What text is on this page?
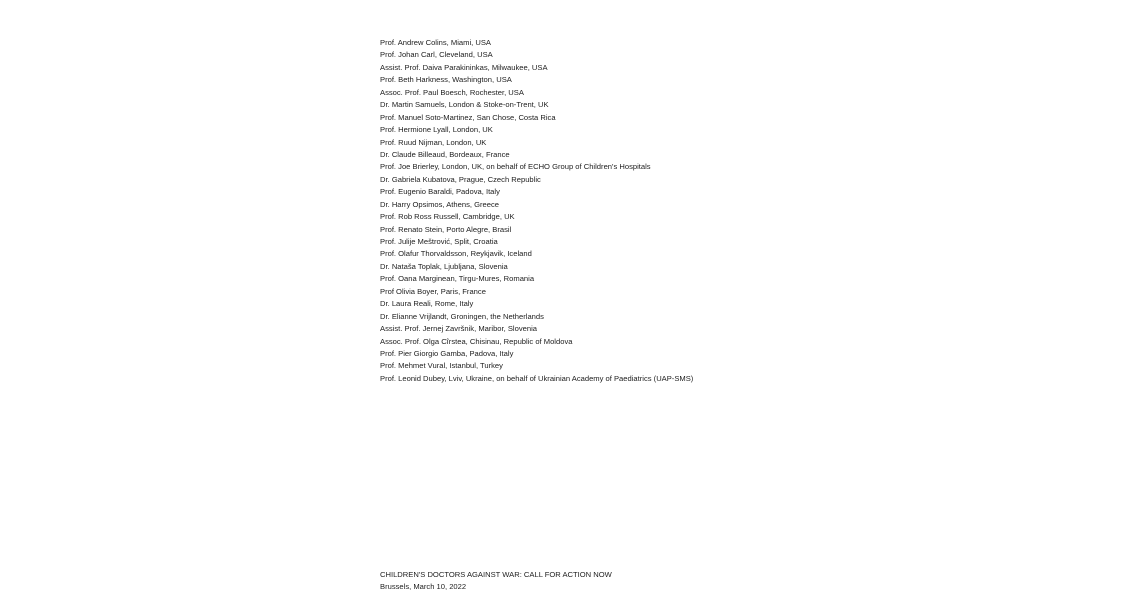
Prof. Andrew Colins, Miami, USA
Prof. Johan Carl, Cleveland, USA
Assist. Prof. Daiva Parakininkas, Milwaukee, USA
Prof. Beth Harkness, Washington, USA
Assoc. Prof. Paul Boesch, Rochester, USA
Dr. Martin Samuels, London & Stoke-on-Trent, UK
Prof. Manuel Soto-Martinez, San Chose, Costa Rica
Prof. Hermione Lyall, London, UK
Prof. Ruud Nijman, London, UK
Dr. Claude Billeaud, Bordeaux, France
Prof. Joe Brierley, London, UK, on behalf of ECHO Group of Children's Hospitals
Dr. Gabriela Kubatova, Prague, Czech Republic
Prof. Eugenio Baraldi, Padova, Italy
Dr. Harry Opsimos, Athens, Greece
Prof. Rob Ross Russell, Cambridge, UK
Prof. Renato Stein, Porto Alegre, Brasil
Prof. Julije Meštrović, Split, Croatia
Prof. Olafur Thorvaldsson, Reykjavik, Iceland
Dr. Nataša Toplak, Ljubljana, Slovenia
Prof. Oana Marginean, Tirgu-Mures, Romania
Prof Olivia Boyer, Paris, France
Dr. Laura Reali, Rome, Italy
Dr. Elianne Vrijlandt, Groningen, the Netherlands
Assist. Prof. Jernej Završnik, Maribor, Slovenia
Assoc. Prof. Olga Cîrstea, Chisinau, Republic of Moldova
Prof. Pier Giorgio Gamba, Padova, Italy
Prof. Mehmet Vural, Istanbul, Turkey
Prof. Leonid Dubey, Lviv, Ukraine, on behalf of Ukrainian Academy of Paediatrics (UAP-SMS)
CHILDREN'S DOCTORS AGAINST WAR: CALL FOR ACTION NOW
Brussels, March 10, 2022
